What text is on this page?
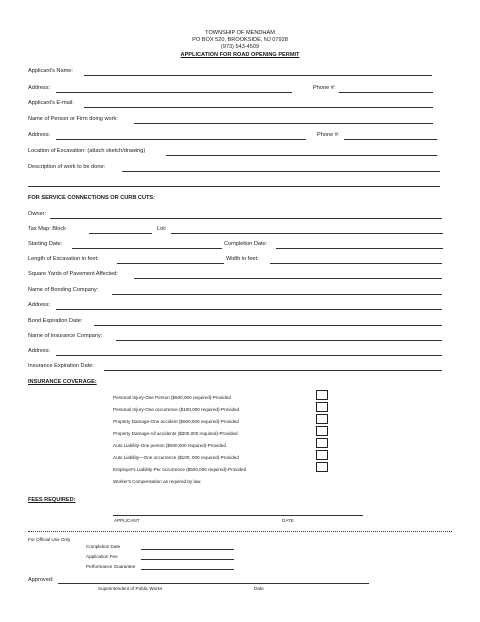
TOWNSHIP OF MENDHAM
PO BOX 520, BROOKSIDE, NJ 07928
(973) 543-4509
APPLICATION FOR ROAD OPENING PERMIT
Applicant's Name:
Address:	Phone #:
Applicant's E-mail:
Name of Person or Firm doing work:
Address:	Phone #:
Location of Excavation: (attach sketch/drawing)
Description of work to be done:
FOR SERVICE CONNECTIONS OR CURB CUTS:
Owner:
Tax Map: Block	Lot:
Starting Date:	Completion Date:
Length of Excavation in feet:	Width in feet:
Square Yards of Pavement Affected:
Name of Bonding Company:
Address:
Bond Expiration Date:
Name of Insurance Company:
Address:
Insurance Expiration Date:
INSURANCE COVERAGE:
Personal Injury-One Person ($500,000 required)-Provided
Personal Injury-One occurrence ($100,000 required)-Provided
Property Damage-One accident ($500,000 required)-Provided
Property Damage-All accidents ($300,000 required)-Provided
Auto Liability-One person ($500,000 required)-Provided
Auto Liability—One occurrence ($100, 000 required)-Provided
Employer's Liability-Per occurrence ($500,000 required)-Provided
Worker's Compensation as required by law.
FEES REQUIRED:
APPLICANT	DATE
For Official Use Only
Completion Date
Application Fee
Performance Guarantee
Approved:
Superintendent of Public Works	Date
